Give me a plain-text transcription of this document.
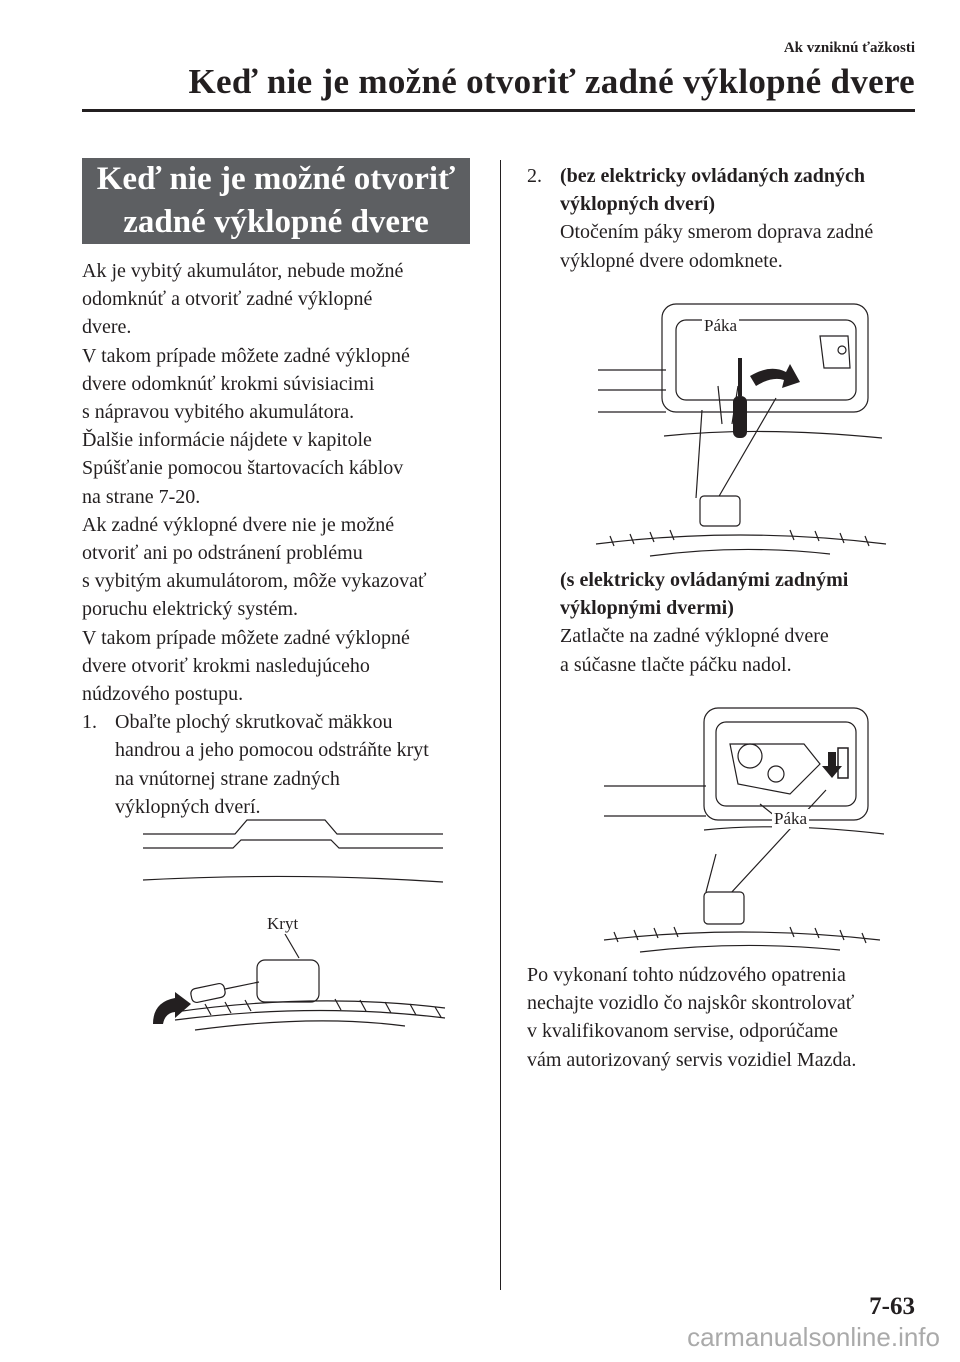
Ak vzniknú ťažkosti
Keď nie je možné otvoriť zadné výklopné dvere
Keď nie je možné otvoriť
zadné výklopné dvere

Ak je vybitý akumulátor, nebude možné

odomknúť a otvoriť zadné výklopné

dvere.

V takom prípade môžete zadné výklopné

dvere odomknúť krokmi súvisiacimi

s nápravou vybitého akumulátora.

Ďalšie informácie nájdete v kapitole

Spúšťanie pomocou štartovacích káblov

na strane 7-20.

Ak zadné výklopné dvere nie je možné

otvoriť ani po odstránení problému

s vybitým akumulátorom, môže vykazovať

poruchu elektrický systém.

V takom prípade môžete zadné výklopné

dvere otvoriť krokmi nasledujúceho

núdzového postupu.

1. Obaľte plochý skrutkovač mäkkou

handrou a jeho pomocou odstráňte kryt

na vnútornej strane zadných

výklopných dverí.

Kryt
2. (bez elektricky ovládaných zadných

výklopných dverí)

Otočením páky smerom doprava zadné

výklopné dvere odomknete.

Páka

(s elektricky ovládanými zadnými

výklopnými dvermi)

Zatlačte na zadné výklopné dvere

a súčasne tlačte páčku nadol.

Páka

Po vykonaní tohto núdzového opatrenia

nechajte vozidlo čo najskôr skontrolovať

v kvalifikovanom servise, odporúčame

vám autorizovaný servis vozidiel Mazda.

7-63
carmanualsonline.info
